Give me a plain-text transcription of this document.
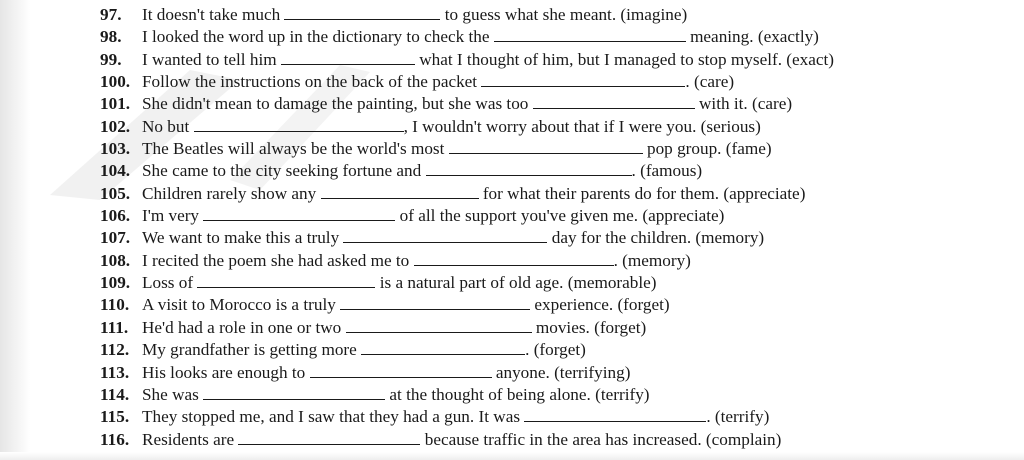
97. It doesn't take much	to guess what she meant. (imagine)
98. I looked the word up in the dictionary to check the	meaning. (exactly)
99. I wanted to tell him	what I thought of him, but I managed to stop myself. (exact)
100. Follow the instructions on the back of the packet	. (care)
101. She didn't mean to damage the painting, but she was too	with it. (care)
102. No but	, I wouldn't worry about that if I were you. (serious)
103. The Beatles will always be the world's most	pop group. (fame)
104. She came to the city seeking fortune and	. (famous)
105. Children rarely show any	for what their parents do for them. (appreciate)
106. I'm very	of all the support you've given me. (appreciate)
107. We want to make this a truly	day for the children. (memory)
108. I recited the poem she had asked me to	. (memory)
109. Loss of	is a natural part of old age. (memorable)
110. A visit to Morocco is a truly	experience. (forget)
111. He'd had a role in one or two	movies. (forget)
112. My grandfather is getting more	. (forget)
113. His looks are enough to	anyone. (terrifying)
114. She was	at the thought of being alone. (terrify)
115. They stopped me, and I saw that they had a gun. It was	. (terrify)
116. Residents are	because traffic in the area has increased. (complain)
